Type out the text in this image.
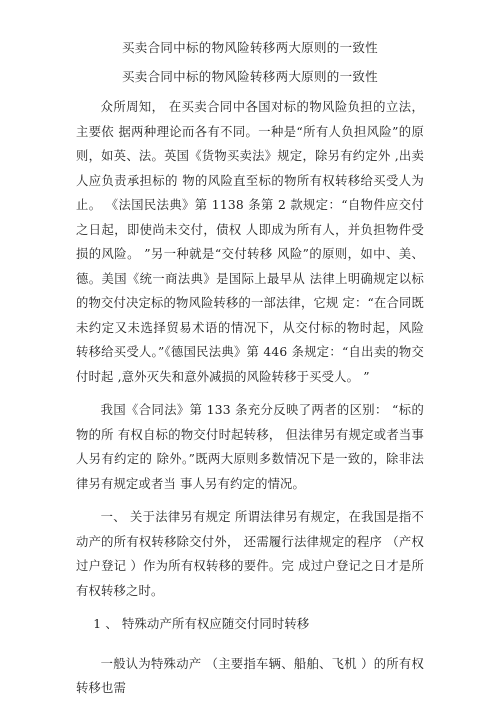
买卖合同中标的物风险转移两大原则的一致性

买卖合同中标的物风险转移两大原则的一致性

众所周知， 在买卖合同中各国对标的物风险负担的立法， 主要依 据两种理论而各有不同。一种是“所有人负担风险”的原则，如英、法。英国《货物买卖法》规定，除另有约定外 ,出卖人应负责承担标的 物的风险直至标的物所有权转移给买受人为止。 《法国民法典》第 1138 条第 2 款规定：“自物件应交付之日起，即使尚未交付，债权 人即成为所有人，并负担物件受损的风险。 ”另一种就是“交付转移 风险”的原则，如中、美、德。美国《统一商法典》是国际上最早从 法律上明确规定以标的物交付决定标的物风险转移的一部法律，它规 定：“在合同既未约定又未选择贸易术语的情况下，从交付标的物时起，风险转移给买受人。”《德国民法典》第 446 条规定：“自出卖的物交 付时起 ,意外灭失和意外减损的风险转移于买受人。 ”

我国《合同法》第 133 条充分反映了两者的区别： “标的物的所 有权自标的物交付时起转移， 但法律另有规定或者当事人另有约定的 除外。”既两大原则多数情况下是一致的，除非法律另有规定或者当 事人另有约定的情况。

一、 关于法律另有规定 所谓法律另有规定，在我国是指不动产的所有权转移除交付外， 还需履行法律规定的程序 （产权过户登记 ）作为所有权转移的要件。完 成过户登记之日才是所有权转移之时。

1 、 特殊动产所有权应随交付同时转移

一般认为特殊动产 （主要指车辆、船舶、飞机 ）的所有权转移也需
